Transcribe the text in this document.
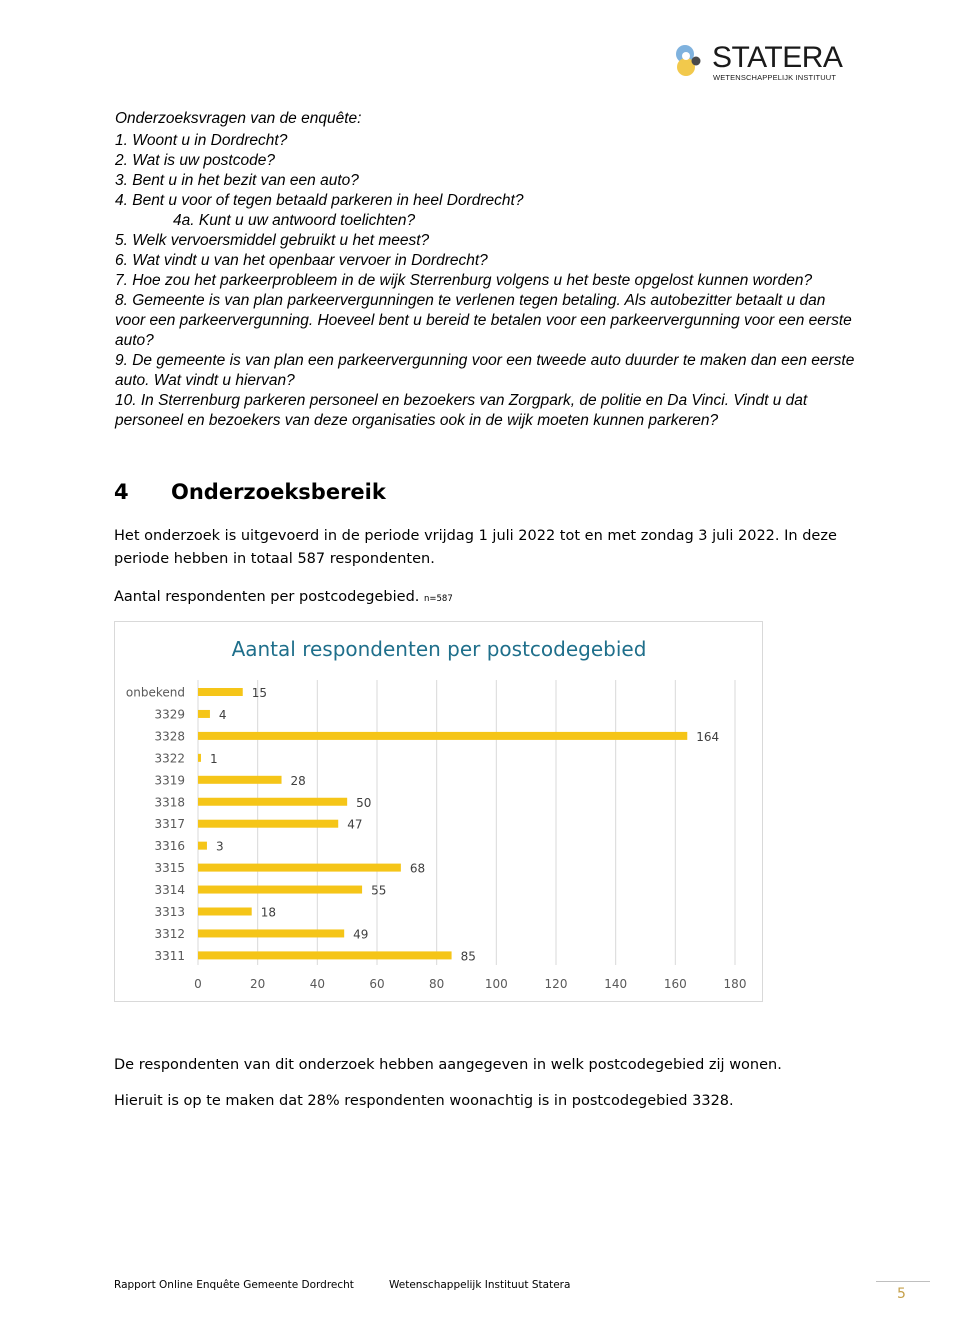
STATERA
WETENSCHAPPELIJK INSTITUUT
Onderzoeksvragen van de enquête:
1. Woont u in Dordrecht?
2. Wat is uw postcode?
3. Bent u in het bezit van een auto?
4. Bent u voor of tegen betaald parkeren in heel Dordrecht?
4a. Kunt u uw antwoord toelichten?
5. Welk vervoersmiddel gebruikt u het meest?
6. Wat vindt u van het openbaar vervoer in Dordrecht?
7. Hoe zou het parkeerprobleem in de wijk Sterrenburg volgens u het beste opgelost kunnen worden?
8. Gemeente is van plan parkeervergunningen te verlenen tegen betaling. Als autobezitter betaalt u dan voor een parkeervergunning. Hoeveel bent u bereid te betalen voor een parkeervergunning voor een eerste auto?
9. De gemeente is van plan een parkeervergunning voor een tweede auto duurder te maken dan een eerste auto. Wat vindt u hiervan?
10. In Sterrenburg parkeren personeel en bezoekers van Zorgpark, de politie en Da Vinci. Vindt u dat personeel en bezoekers van deze organisaties ook in de wijk moeten kunnen parkeren?
4 Onderzoeksbereik
Het onderzoek is uitgevoerd in de periode vrijdag 1 juli 2022 tot en met zondag 3 juli 2022. In deze periode hebben in totaal 587 respondenten.
Aantal respondenten per postcodegebied. n=587
Aantal respondenten per postcodegebied
onbekend
3329
3328
3322
3319
3318
3317
3316
3315
3314
3313
3312
3311
15
4
164
1
28
50
47
3
68
55
18
49
85
0	20	40	60	80	100	120	140	160	180
De respondenten van dit onderzoek hebben aangegeven in welk postcodegebied zij wonen.
Hieruit is op te maken dat 28% respondenten woonachtig is in postcodegebied 3328.
Rapport Online Enquête Gemeente Dordrecht	Wetenschappelijk Instituut Statera
5
